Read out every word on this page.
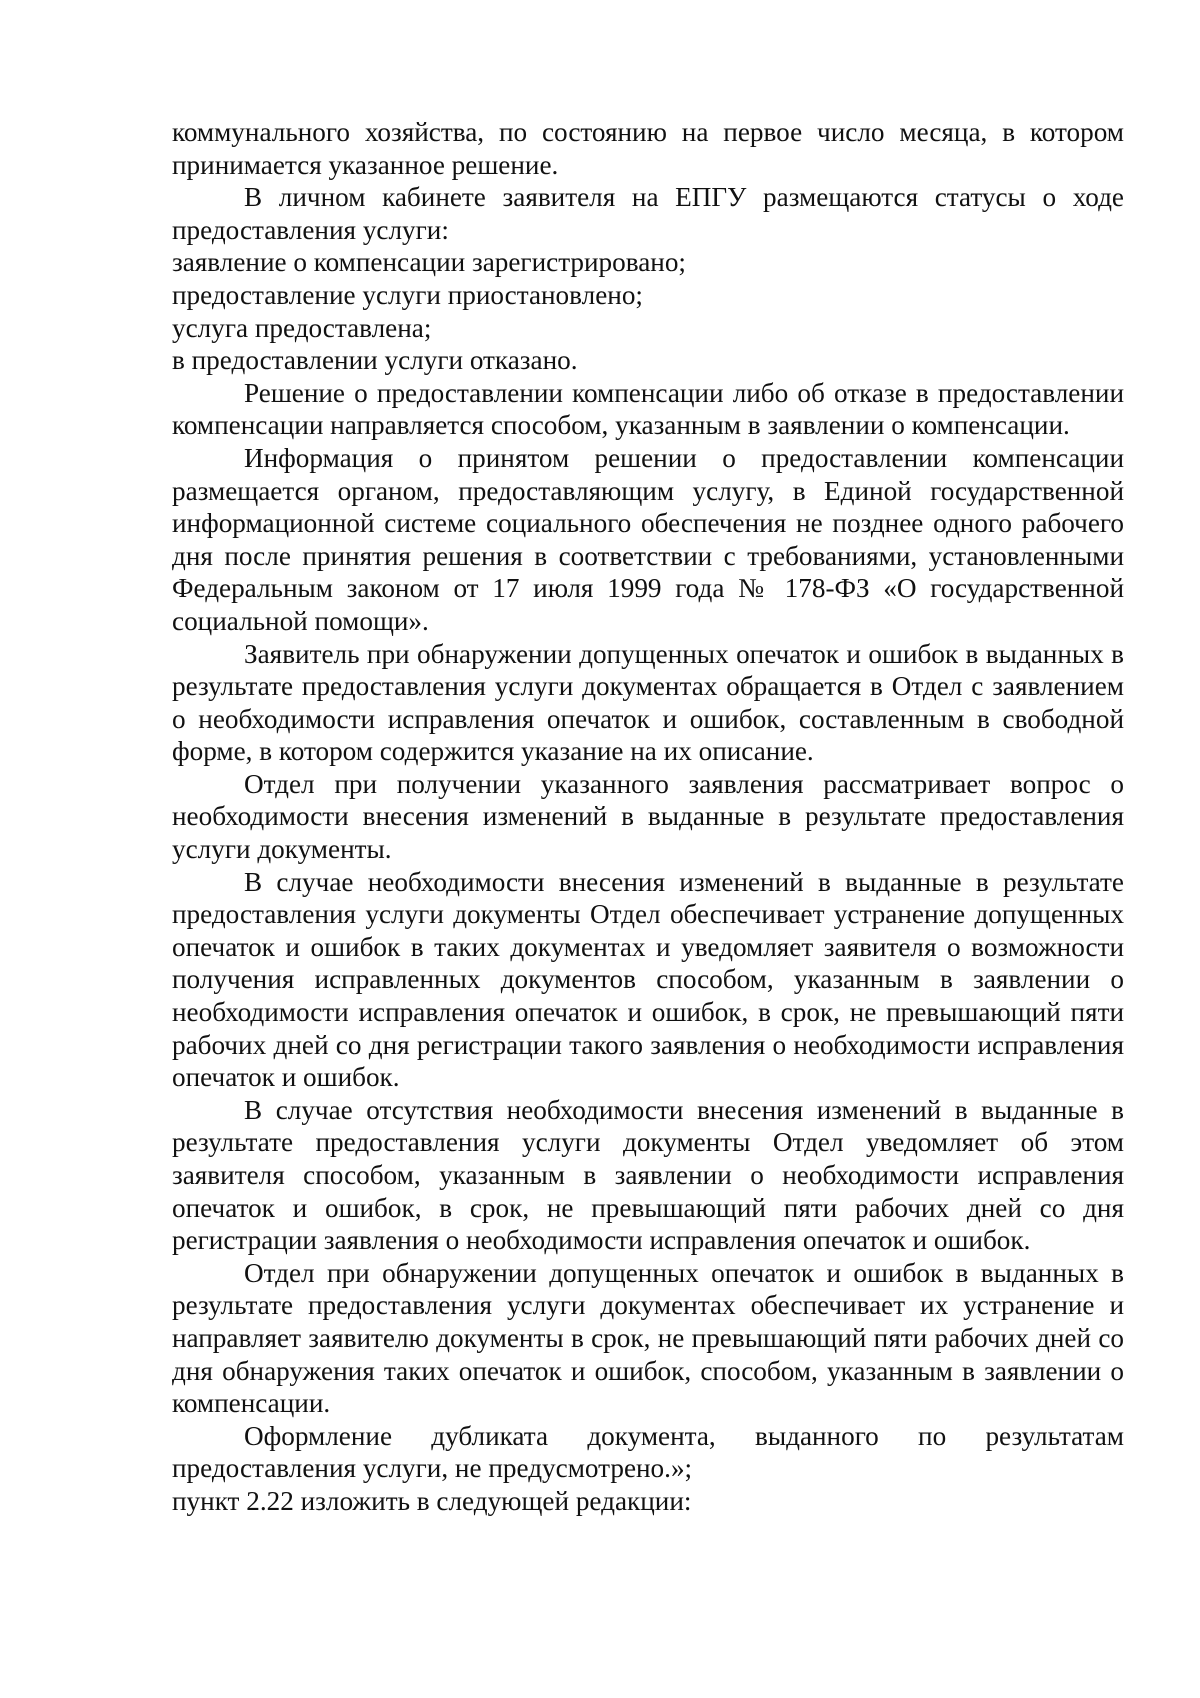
коммунального хозяйства, по состоянию на первое число месяца, в котором принимается указанное решение.

В личном кабинете заявителя на ЕПГУ размещаются статусы о ходе предоставления услуги:

заявление о компенсации зарегистрировано;

предоставление услуги приостановлено;

услуга предоставлена;

в предоставлении услуги отказано.

Решение о предоставлении компенсации либо об отказе в предоставлении компенсации направляется способом, указанным в заявлении о компенсации.

Информация о принятом решении о предоставлении компенсации размещается органом, предоставляющим услугу, в Единой государственной информационной системе социального обеспечения не позднее одного рабочего дня после принятия решения в соответствии с требованиями, установленными Федеральным законом от 17 июля 1999 года № 178-ФЗ «О государственной социальной помощи».

Заявитель при обнаружении допущенных опечаток и ошибок в выданных в результате предоставления услуги документах обращается в Отдел с заявлением о необходимости исправления опечаток и ошибок, составленным в свободной форме, в котором содержится указание на их описание.

Отдел при получении указанного заявления рассматривает вопрос о необходимости внесения изменений в выданные в результате предоставления услуги документы.

В случае необходимости внесения изменений в выданные в результате предоставления услуги документы Отдел обеспечивает устранение допущенных опечаток и ошибок в таких документах и уведомляет заявителя о возможности получения исправленных документов способом, указанным в заявлении о необходимости исправления опечаток и ошибок, в срок, не превышающий пяти рабочих дней со дня регистрации такого заявления о необходимости исправления опечаток и ошибок.

В случае отсутствия необходимости внесения изменений в выданные в результате предоставления услуги документы Отдел уведомляет об этом заявителя способом, указанным в заявлении о необходимости исправления опечаток и ошибок, в срок, не превышающий пяти рабочих дней со дня регистрации заявления о необходимости исправления опечаток и ошибок.

Отдел при обнаружении допущенных опечаток и ошибок в выданных в результате предоставления услуги документах обеспечивает их устранение и направляет заявителю документы в срок, не превышающий пяти рабочих дней со дня обнаружения таких опечаток и ошибок, способом, указанным в заявлении о компенсации.

Оформление дубликата документа, выданного по результатам предоставления услуги, не предусмотрено.»;

пункт 2.22 изложить в следующей редакции:
